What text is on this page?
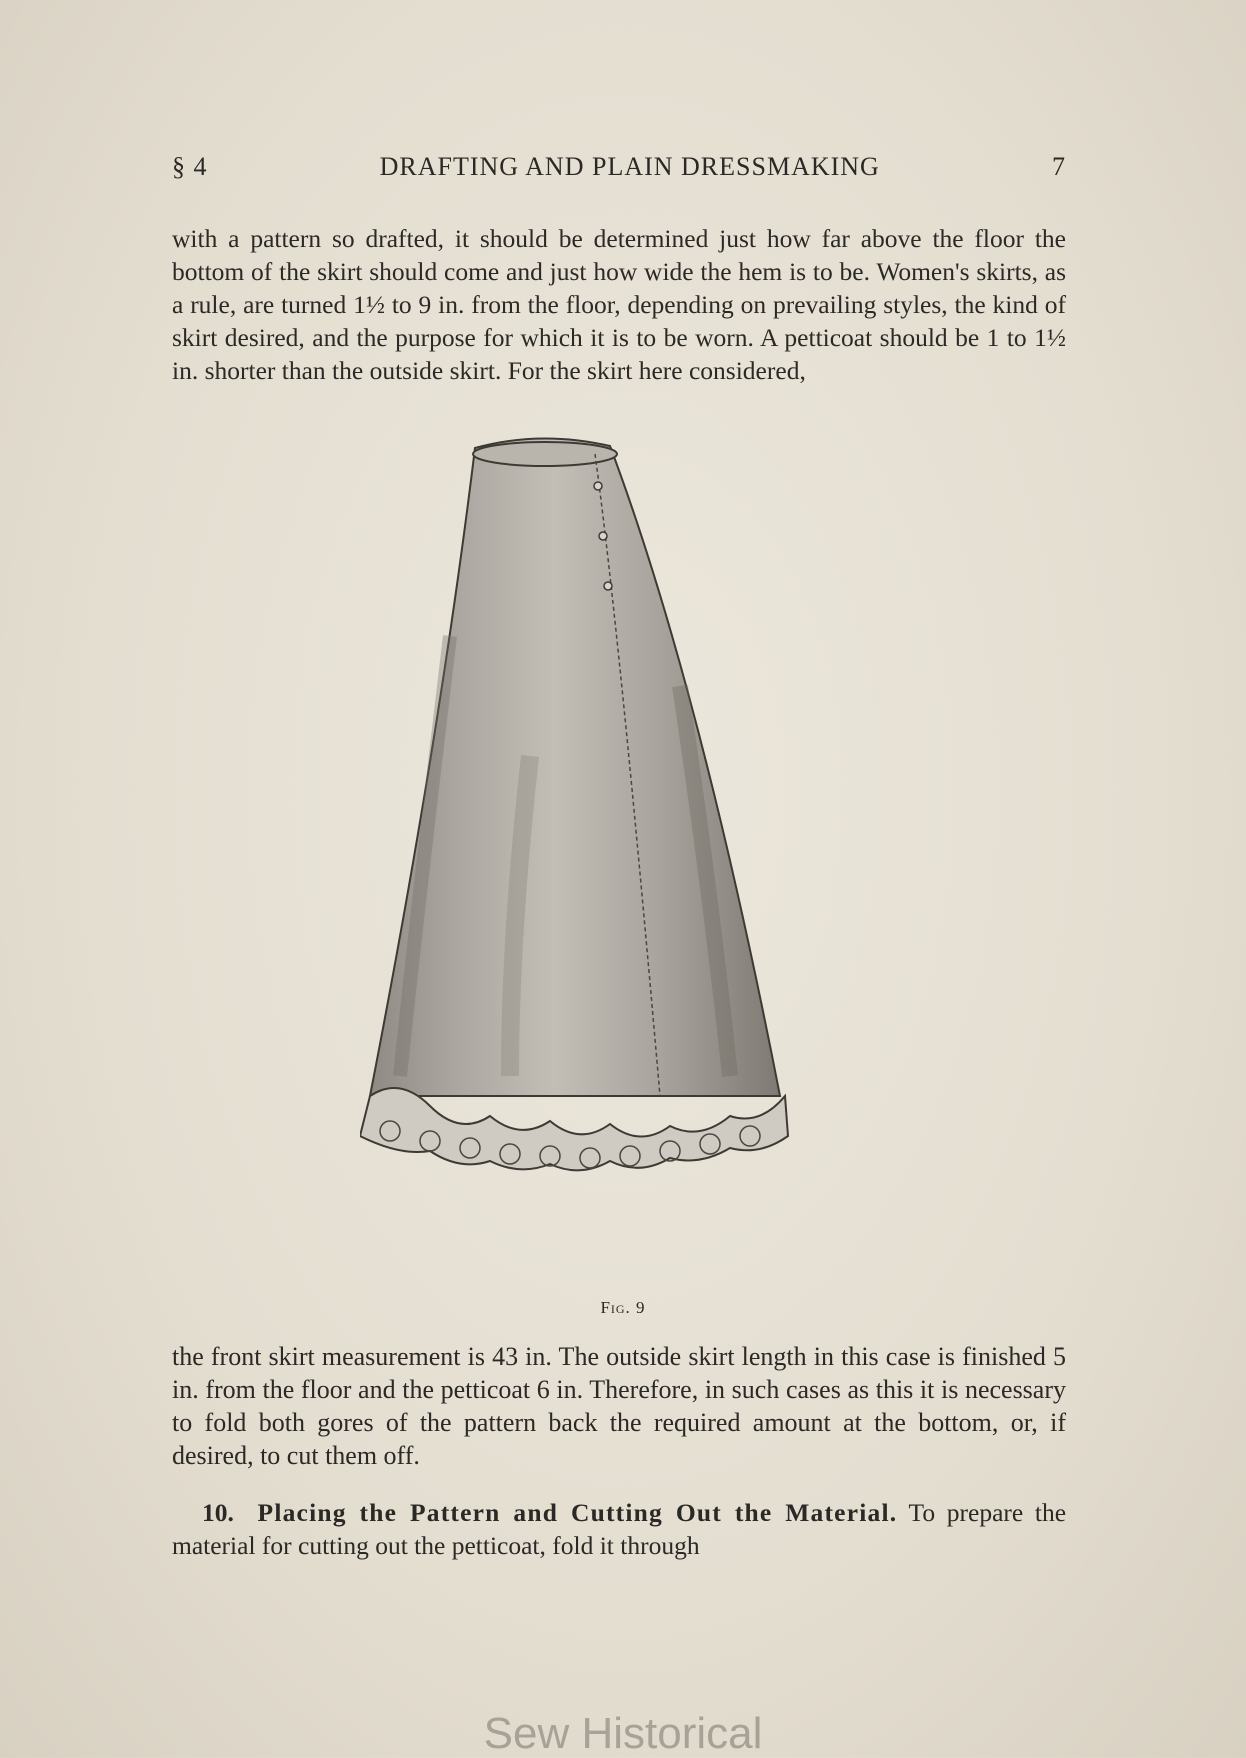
§ 4	DRAFTING AND PLAIN DRESSMAKING	7

with a pattern so drafted, it should be determined just how far above the floor the bottom of the skirt should come and just how wide the hem is to be. Women's skirts, as a rule, are turned 1½ to 9 in. from the floor, depending on prevailing styles, the kind of skirt desired, and the purpose for which it is to be worn. A petticoat should be 1 to 1½ in. shorter than the outside skirt. For the skirt here considered,

Fig. 9

the front skirt measurement is 43 in. The outside skirt length in this case is finished 5 in. from the floor and the petticoat 6 in. Therefore, in such cases as this it is necessary to fold both gores of the pattern back the required amount at the bottom, or, if desired, to cut them off.

10. Placing the Pattern and Cutting Out the Material. To prepare the material for cutting out the petticoat, fold it through

Sew Historical
